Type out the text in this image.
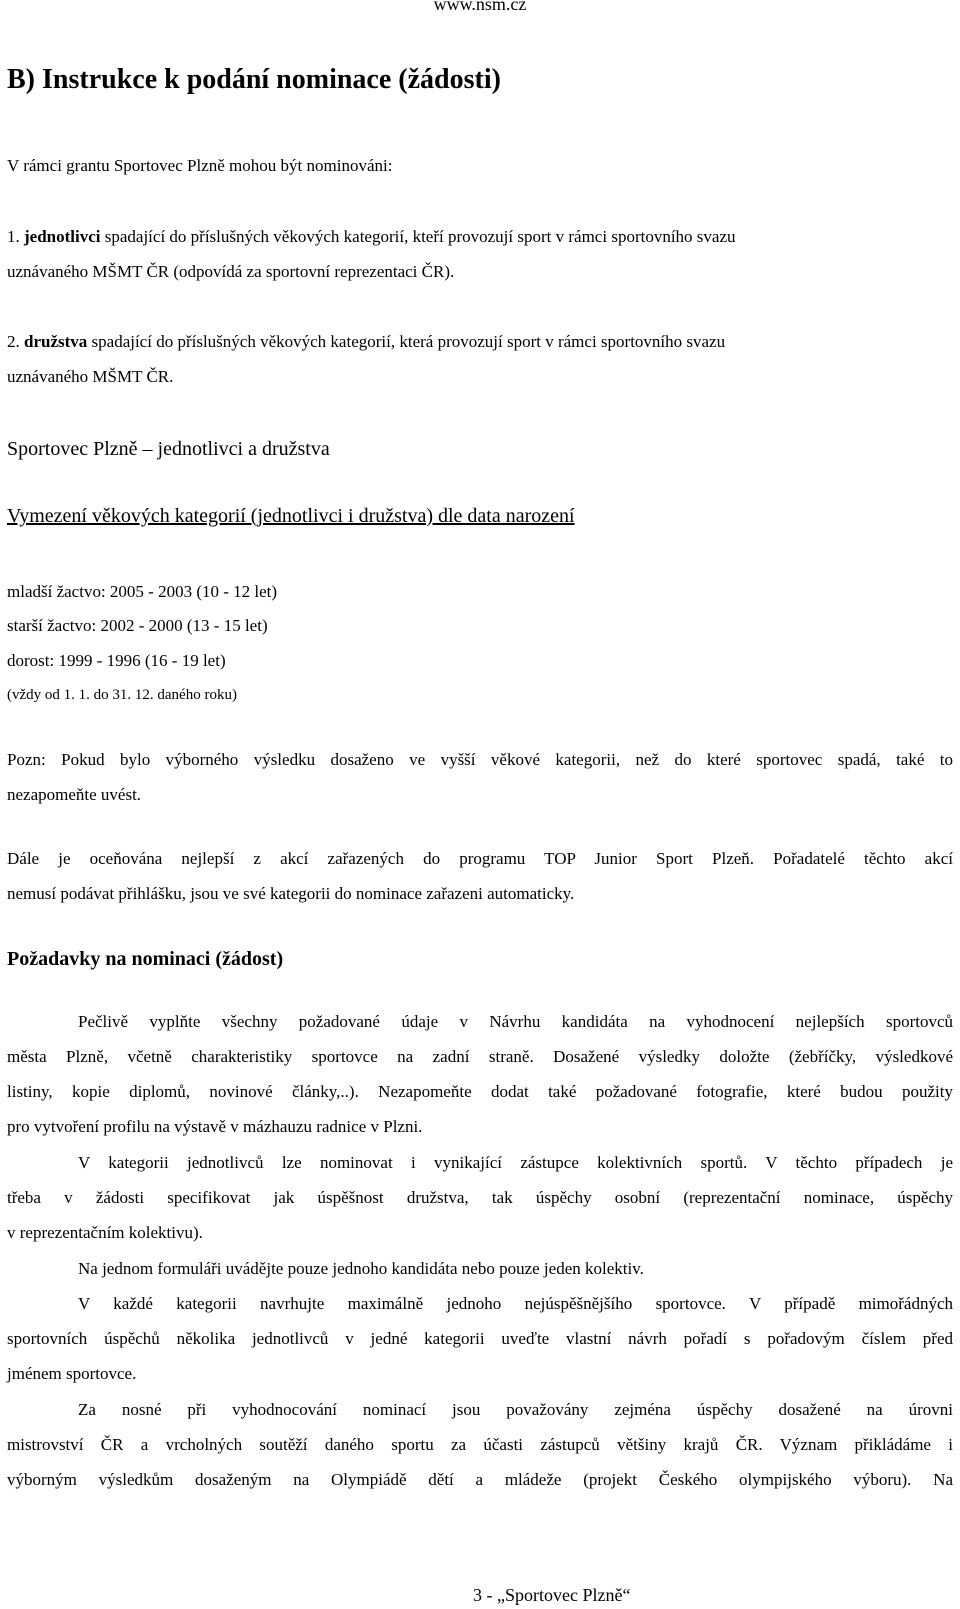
www.nsm.cz
B) Instrukce k podání nominace (žádosti)
V rámci grantu Sportovec Plzně mohou být nominováni:
1. jednotlivci spadající do příslušných věkových kategorií, kteří provozují sport v rámci sportovního svazu
uznávaného MŠMT ČR (odpovídá za sportovní reprezentaci ČR).
2. družstva spadající do příslušných věkových kategorií, která provozují sport v rámci sportovního svazu
uznávaného MŠMT ČR.
Sportovec Plzně – jednotlivci a družstva
Vymezení věkových kategorií (jednotlivci i družstva) dle data narození
mladší žactvo: 2005 - 2003 (10 - 12 let)
starší žactvo: 2002 - 2000 (13 - 15 let)
dorost: 1999 - 1996 (16 - 19 let)
(vždy od 1. 1. do 31. 12. daného roku)
Pozn: Pokud bylo výborného výsledku dosaženo ve vyšší věkové kategorii, než do které sportovec spadá, také to
nezapomeňte uvést.
Dále je oceňována nejlepší z akcí zařazených do programu TOP Junior Sport Plzeň. Pořadatelé těchto akcí
nemusí podávat přihlášku, jsou ve své kategorii do nominace zařazeni automaticky.
Požadavky na nominaci (žádost)
Pečlivě vyplňte všechny požadované údaje v Návrhu kandidáta na vyhodnocení nejlepších sportovců
města Plzně, včetně charakteristiky sportovce na zadní straně. Dosažené výsledky doložte (žebříčky, výsledkové
listiny, kopie diplomů, novinové články,..). Nezapomeňte dodat také požadované fotografie, které budou použity
pro vytvoření profilu na výstavě v mázhauzu radnice v Plzni.
V kategorii jednotlivců lze nominovat i vynikající zástupce kolektivních sportů. V těchto případech je
třeba v žádosti specifikovat jak úspěšnost družstva, tak úspěchy osobní (reprezentační nominace, úspěchy
v reprezentačním kolektivu).
Na jednom formuláři uvádějte pouze jednoho kandidáta nebo pouze jeden kolektiv.
V každé kategorii navrhujte maximálně jednoho nejúspěšnějšího sportovce. V případě mimořádných
sportovních úspěchů několika jednotlivců v jedné kategorii uveďte vlastní návrh pořadí s pořadovým číslem před
jménem sportovce.
Za nosné při vyhodnocování nominací jsou považovány zejména úspěchy dosažené na úrovni
mistrovství ČR a vrcholných soutěží daného sportu za účasti zástupců většiny krajů ČR. Význam přikládáme i
výborným výsledkům dosaženým na Olympiádě dětí a mládeže (projekt Českého olympijského výboru). Na
3 - „Sportovec Plzně“
